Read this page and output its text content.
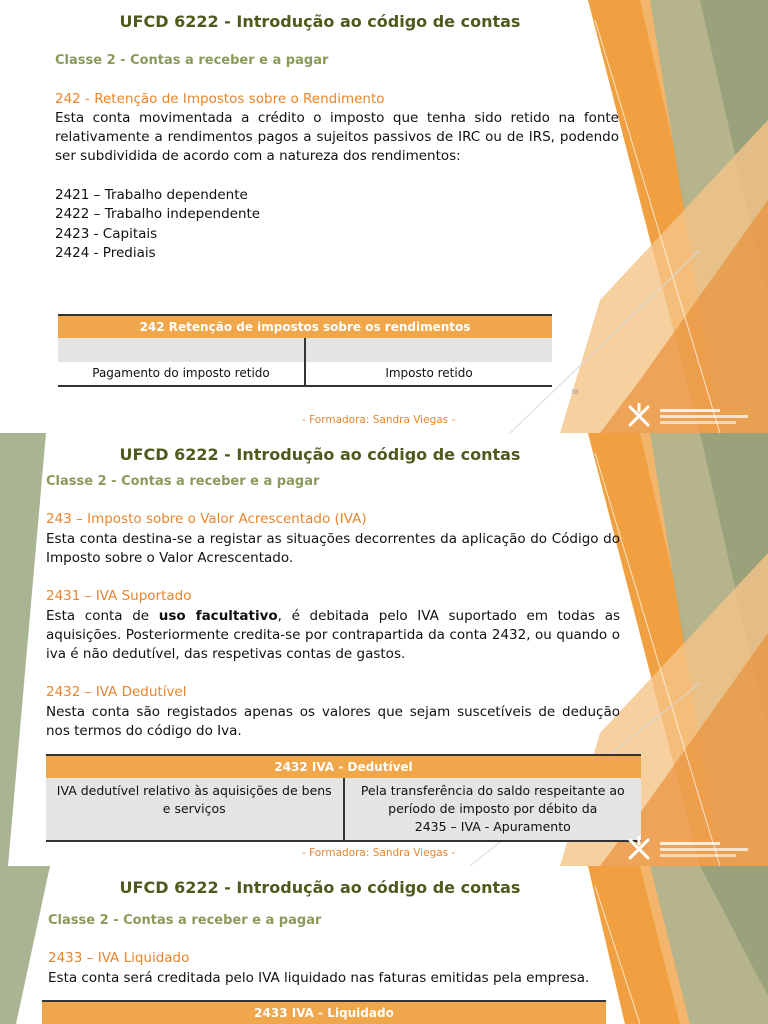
UFCD 6222 - Introdução ao código de contas
Classe 2 - Contas a receber e a pagar
242 - Retenção de Impostos sobre o Rendimento
Esta conta movimentada a crédito o imposto que tenha sido retido na fonte relativamente a rendimentos pagos a sujeitos passivos de IRC ou de IRS, podendo ser subdividida de acordo com a natureza dos rendimentos:
2421 – Trabalho dependente
2422 – Trabalho independente
2423 - Capitais
2424 - Prediais
242 Retenção de impostos sobre os rendimentos
Pagamento do imposto retido	Imposto retido
38
- Formadora: Sandra Viegas -
UFCD 6222 - Introdução ao código de contas
Classe 2 - Contas a receber e a pagar
243 – Imposto sobre o Valor Acrescentado (IVA)
Esta conta destina-se a registar as situações decorrentes da aplicação do Código do Imposto sobre o Valor Acrescentado.
2431 – IVA Suportado
Esta conta de uso facultativo, é debitada pelo IVA suportado em todas as aquisições. Posteriormente credita-se por contrapartida da conta 2432, ou quando o iva é não dedutível, das respetivas contas de gastos.
2432 – IVA Dedutível
Nesta conta são registados apenas os valores que sejam suscetíveis de dedução nos termos do código do Iva.
2432 IVA - Dedutível
IVA dedutível relativo às aquisições de bens e serviços
Pela transferência do saldo respeitante ao período de imposto por débito da
2435 – IVA - Apuramento
- Formadora: Sandra Viegas -
UFCD 6222 - Introdução ao código de contas
Classe 2 - Contas a receber e a pagar
2433 – IVA Liquidado
Esta conta será creditada pelo IVA liquidado nas faturas emitidas pela empresa.
2433 IVA - Liquidado
